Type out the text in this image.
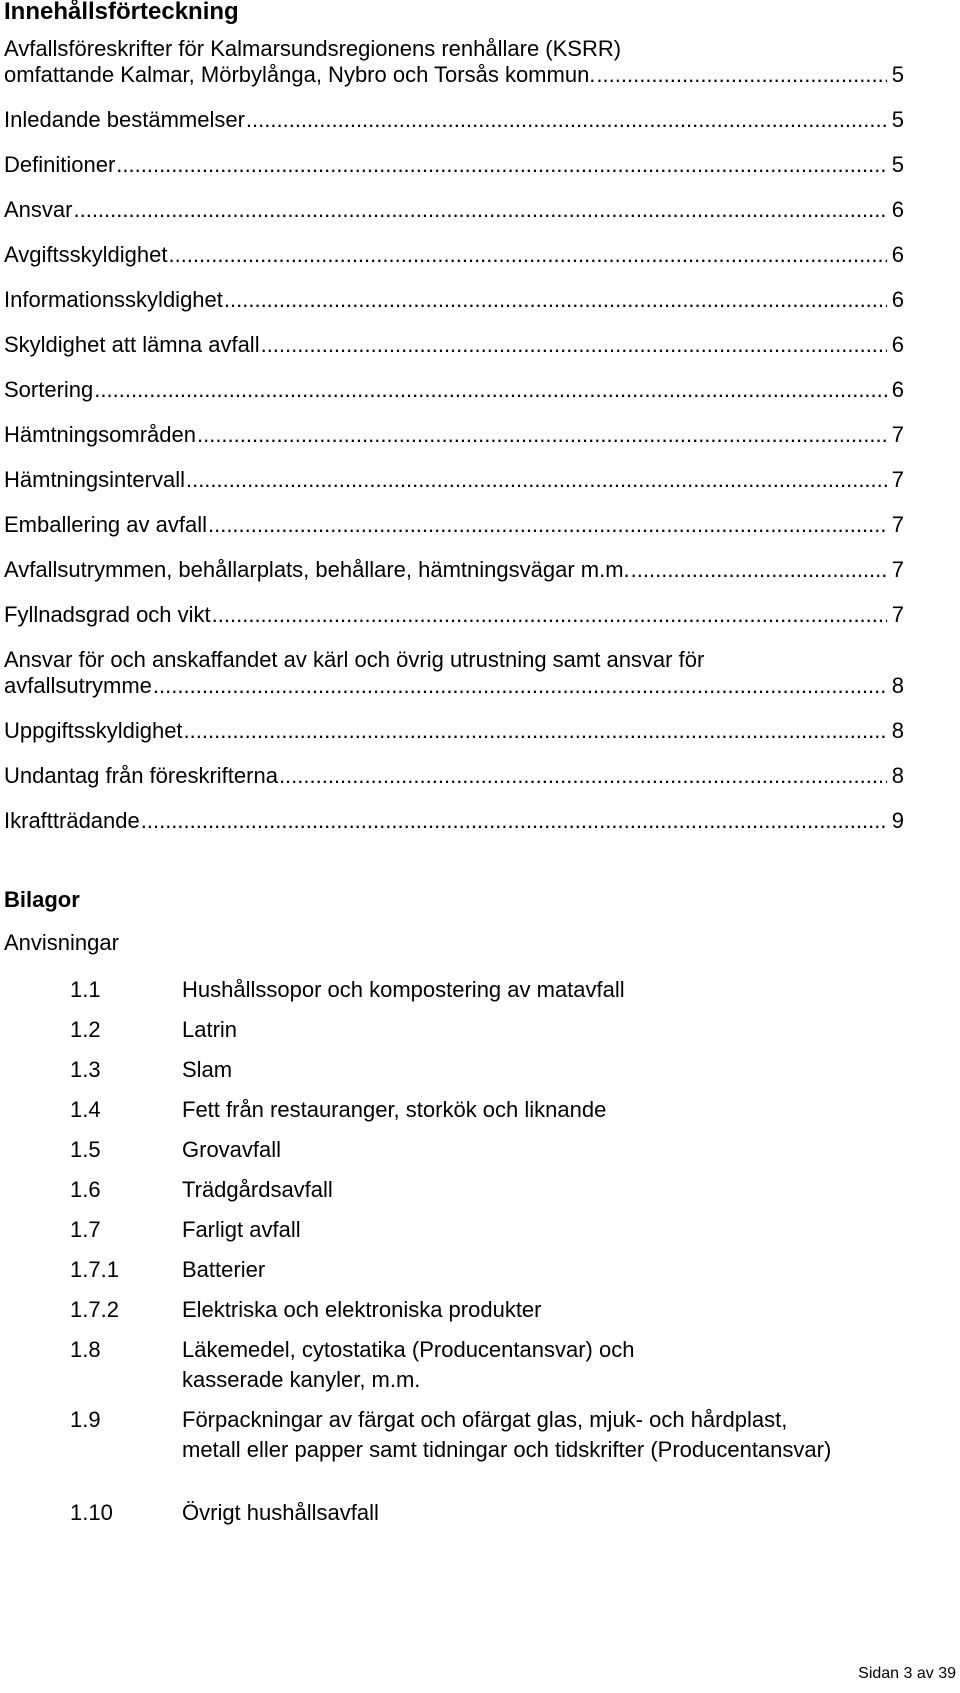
Innehållsförteckning
Avfallsföreskrifter för Kalmarsundsregionens renhållare (KSRR)
omfattande Kalmar, Mörbylånga, Nybro och Torsås kommun. .....	5
Inledande bestämmelser .....	5
Definitioner .....	5
Ansvar .....	6
Avgiftsskyldighet .....	6
Informationsskyldighet .....	6
Skyldighet att lämna avfall .....	6
Sortering .....	6
Hämtningsområden .....	7
Hämtningsintervall .....	7
Emballering av avfall .....	7
Avfallsutrymmen, behållarplats, behållare, hämtningsvägar m.m. .....	7
Fyllnadsgrad och vikt .....	7
Ansvar för och anskaffandet av kärl och övrig utrustning samt ansvar för
avfallsutrymme .....	8
Uppgiftsskyldighet .....	8
Undantag från föreskrifterna .....	8
Ikraftträdande .....	9
Bilagor
Anvisningar
1.1	Hushållssopor och kompostering av matavfall
1.2	Latrin
1.3	Slam
1.4	Fett från restauranger, storkök och liknande
1.5	Grovavfall
1.6	Trädgårdsavfall
1.7	Farligt avfall
1.7.1	Batterier
1.7.2	Elektriska och elektroniska produkter
1.8	Läkemedel, cytostatika (Producentansvar) och
kasserade kanyler, m.m.
1.9	Förpackningar av färgat och ofärgat glas, mjuk- och hårdplast,
metall eller papper samt tidningar och tidskrifter (Producentansvar)
1.10	Övrigt hushållsavfall
Sidan 3 av 39
